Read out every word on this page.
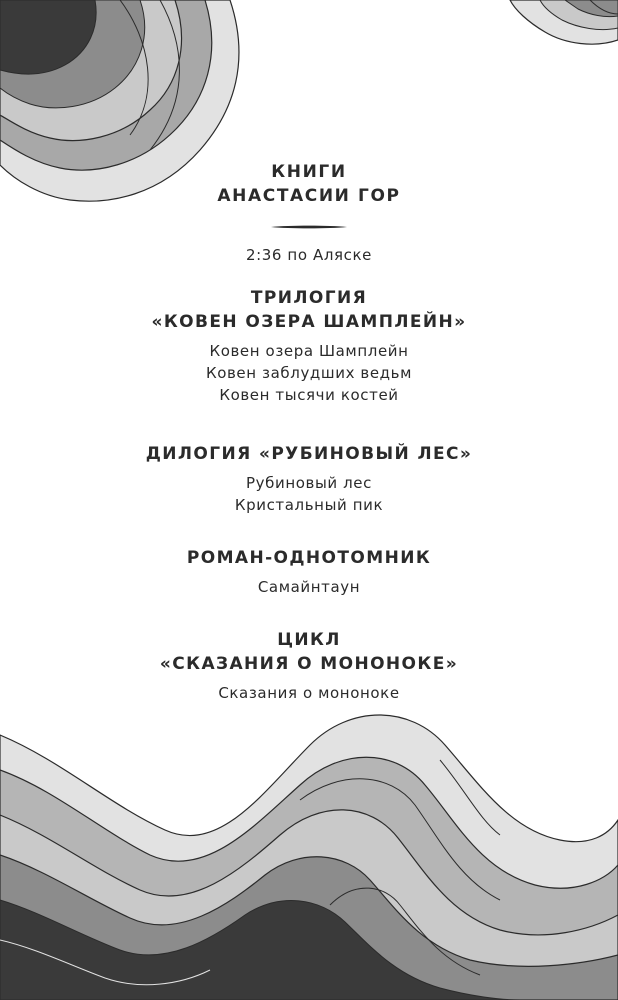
КНИГИ
АНАСТАСИИ ГОР
2:36 по Аляске
ТРИЛОГИЯ
«КОВЕН ОЗЕРА ШАМПЛЕЙН»
Ковен озера Шамплейн
Ковен заблудших ведьм
Ковен тысячи костей
ДИЛОГИЯ «РУБИНОВЫЙ ЛЕС»
Рубиновый лес
Кристальный пик
РОМАН-ОДНОТОМНИК
Самайнтаун
ЦИКЛ
«СКАЗАНИЯ О МОНОНОКЕ»
Сказания о мононоке
